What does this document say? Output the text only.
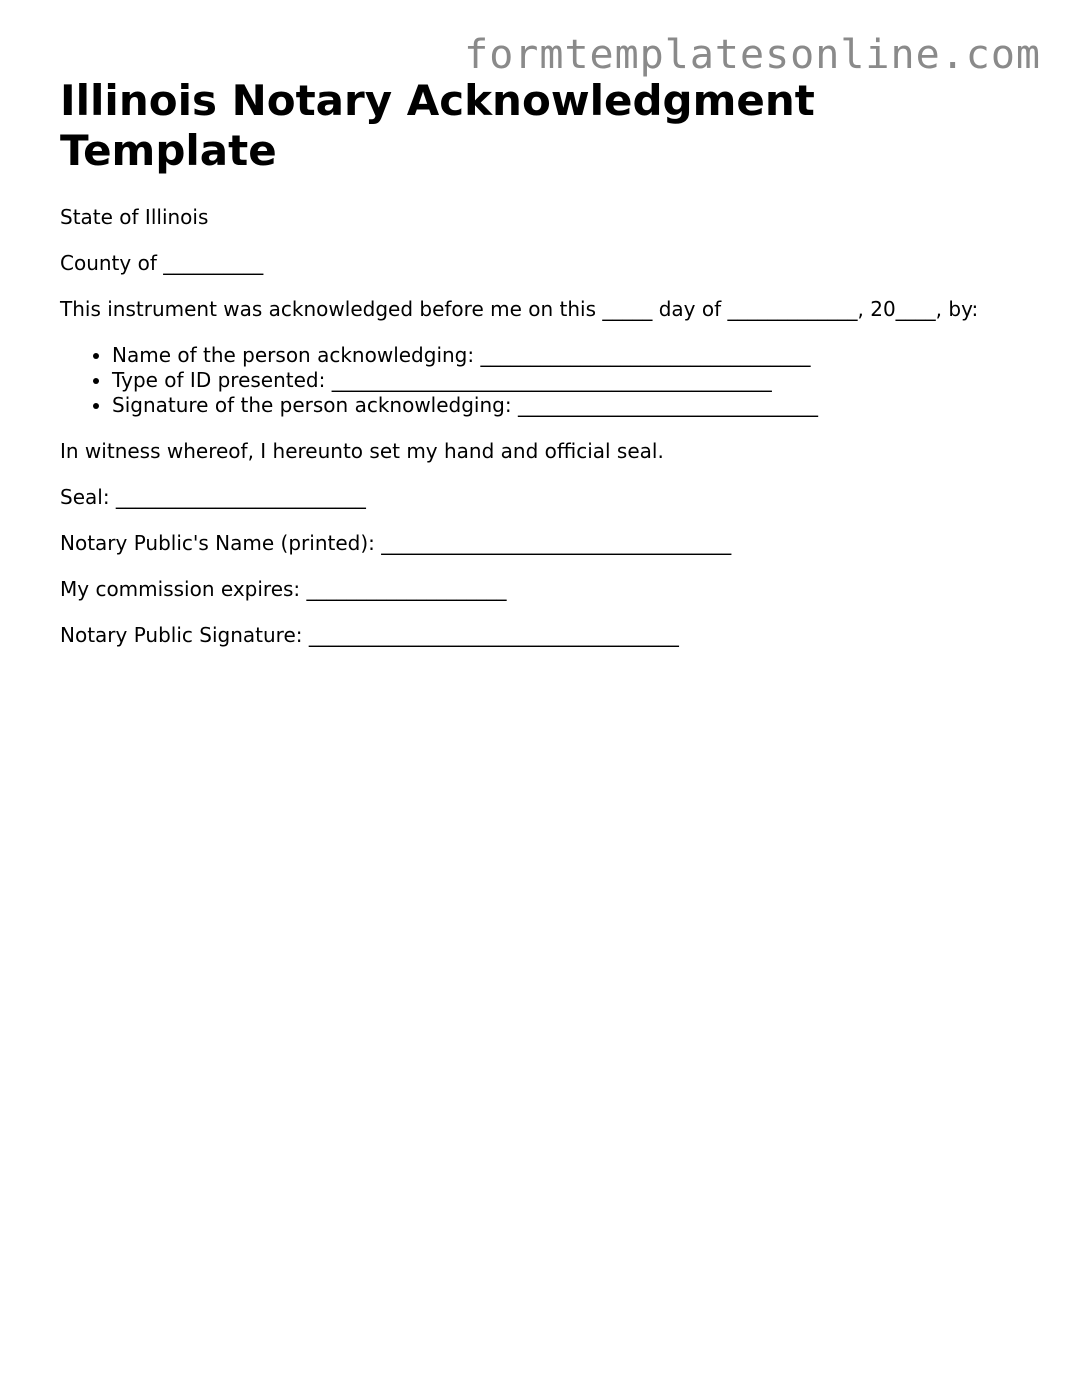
formtemplatesonline.com
Illinois Notary Acknowledgment Template

State of Illinois

County of __________

This instrument was acknowledged before me on this _____ day of _____________, 20____, by:

• Name of the person acknowledging: _________________________________
• Type of ID presented: ____________________________________________
• Signature of the person acknowledging: ______________________________

In witness whereof, I hereunto set my hand and official seal.

Seal: _________________________

Notary Public's Name (printed): ___________________________________

My commission expires: ____________________

Notary Public Signature: _____________________________________
